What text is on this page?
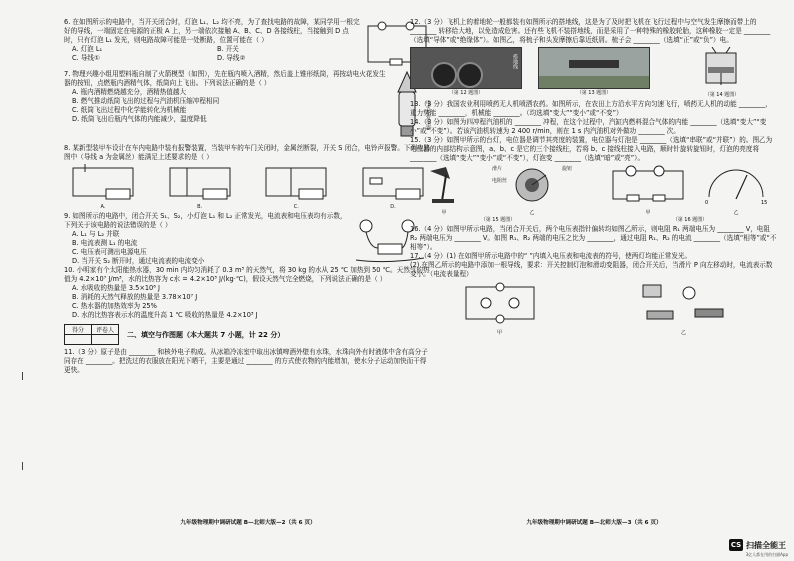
6. 在如图所示的电路中，当开关闭合时，灯泡 L₁、L₂ 均不亮，为了查找电路的故障，某同学用一根完好的导线，一端固定在电源的正极 A 上，另一端依次接触 A、B、C、D 各接线柱，当接触到 D 点时，只有灯泡 L₁ 发光，则电路故障可能是一处断路，位置可能在（ ）

A. 灯泡 L₁	B. 开关
C. 导线①	D. 导线②

7. 物理兴趣小组用塑料瓶自制了火箭模型（如图），先在瓶内喷入酒精，然后盖上锥形纸筒，再按动电火花发生器的按钮，点燃瓶内酒精气体，纸筒向上飞出。下列说法正确的是（ ）

A. 瓶内酒精燃烧越充分，酒精热值越大

B. 燃气推动纸筒飞出的过程与汽油机压缩冲程相同

C. 纸筒飞出过程中化学能转化为机械能

D. 纸筒飞出后瓶内气体的内能减少，温度降低	电火花发生器

8. 某新型装甲车设计在车内电路中装有报警装置，当装甲车的车门关闭时，金属丝断裂，开关 S 闭合，电铃声报警。下列电路图中（导线 a 为金属丝）能满足上述要求的是（ ）

A.	B.	C.	D.

9. 如图所示的电路中，闭合开关 S₁、S₂，小灯泡 L₁ 和 L₂ 正常发光，电流表和电压表均有示数，下列关于该电路的说法错误的是（ ）

A. L₁ 与 L₂ 并联

B. 电流表测 L₁ 的电流

C. 电压表可测出电源电压

D. 当开关 S₂ 断开时，通过电流表的电流变小

10. 小明家有个太阳能热水器，30 min 内均匀消耗了 0.3 m³ 的天然气，将 30 kg 的水从 25 ℃ 加热到 50 ℃。天然气的热值为 4.2×10⁷ J/m³，水的比热容为 c水 = 4.2×10³ J/(kg·℃)，假设天然气完全燃烧，下列说法正确的是（ ）

A. 水吸收的热量是 3.5×10⁶ J

B. 消耗的天然气释放的热量是 3.78×10⁷ J

C. 热水器的加热效率为 25%

D. 水的比热容表示水的温度升高 1 ℃ 吸收的热量是 4.2×10³ J

得分	评卷人
	二、填空与作图题（本大题共 7 小题，计 22 分）

11.（3 分）原子是由 ________ 和核外电子构成。从冰箱冷冻室中取出冰镇啤酒外壁有水珠，水珠向外有时液体中含有高分子同存在 ________。把洗过的衣服放在阳光下晒干，主要是通过 ________ 的方式使衣物的内能增加，使水分子运动加快而干得更快。

九年级物理期中调研试题 B—北师大版—2（共 6 页）

12.（3 分）飞机上的着地轮一般都装有如图所示的搭地线，这是为了及时把飞机在飞行过程中与空气发生摩擦而带上的 ________ 转移给大地，以免造成危害。还有些飞机不装搭地线，而是采用了一种特殊的橡胶轮胎，这种橡胶一定是 ________（选填“导体”或“绝缘体”）。如图乙，将梳子和头发摩擦后靠近纸屑。梳子会 ________（选填“正”或“负”）电。

搭地线
（第 12 题图）	（第 13 题图）	（第 14 题图）

13.（3 分）我国农业利用喷药无人机喷洒农药。如图所示，在农田上方沿水平方向匀速飞行，喷药无人机的动能 ________，重力势能 ________，机械能 ________。（均选填“变大”“变小”或“不变”）

14.（3 分）如图为四冲程汽油机的 ________ 冲程，在这个过程中，汽缸内燃料混合气体的内能 ________（选填“变大”“变小”或“不变”）。若该汽油机转速为 2 400 r/min，则在 1 s 内汽油机对外做功 ________ 次。

15.（3 分）如图甲所示的台灯，电位器是调节其亮度的装置，电位器与灯泡是 ________（选填“串联”或“并联”）的。图乙为电位器的内部结构示意图，a、b、c 是它的三个接线柱，若将 b、c 接线柱接入电路，顺时针旋转旋钮时，灯泡的亮度将 ________（选填“变大”“变小”或“不变”），灯泡变 ________（选填“暗”或“亮”）。

甲
滑片
电阻丝
旋钮
乙
（第 15 题图）
甲
0	15
乙
（第 16 题图）

16.（4 分）如图甲所示电路，当闭合开关后，两个电压表指针偏转均如图乙所示，则电阻 R₁ 两端电压为 ________ V，电阻 R₂ 两端电压为 ________ V。如图 R₁、R₂ 两端的电压之比为 ________，通过电阻 R₁、R₂ 的电流 ________（选填“相等”或“不相等”）。

17.（4 分）(1) 在如图甲所示电路中的“ ”内填入电压表和电流表的符号，使两灯均能正常发光。

(2) 在图乙所示的电路中添加一根导线，要求：开关控制灯泡和滑动变阻器，闭合开关后，当滑片 P 向左移动时，电流表示数变小。（电流表量程）

甲	乙
九年级物理期中调研试题 B—北师大版—3（共 6 页）
CS 扫描全能王
3亿人都在用的扫描App
